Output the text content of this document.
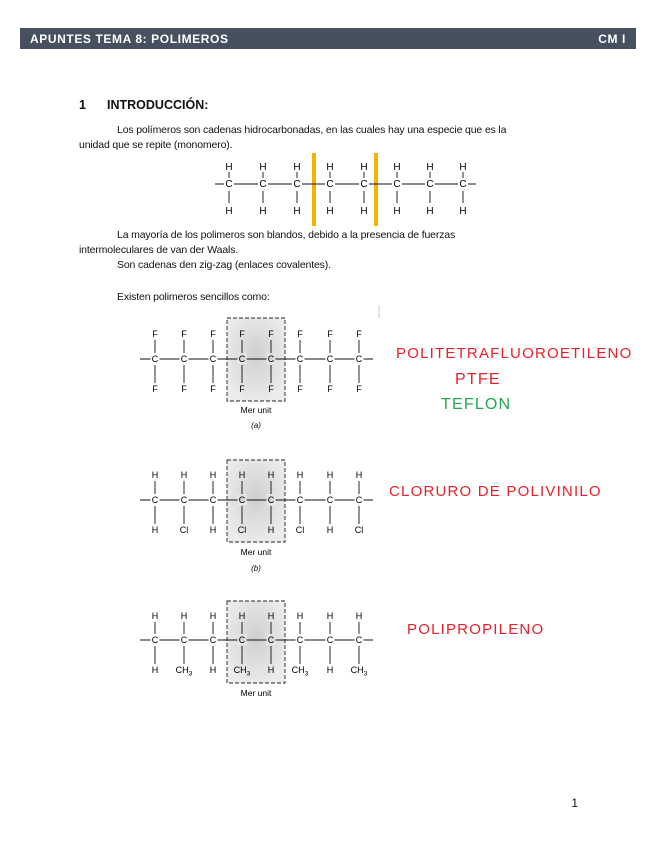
APUNTES TEMA 8: POLIMEROS	CM I
1 INTRODUCCIÓN:

Los polímeros son cadenas hidrocarbonadas, en las cuales hay una especie que es la
unidad que se repite (monomero).

La mayoría de los polimeros son blandos, debido a la presencia de fuerzas
intermoleculares de van der Waals.

Son cadenas den zig-zag (enlaces covalentes).

Existen polimeros sencillos como:

C
H
H
C
H
H
C
H
H
C
H
H
C
H
H
C
H
H
C
H
H
C
H
H
C
F
F
C
F
F
C
F
F
C
F
F
C
F
F
C
F
F
C
F
F
C
F
F
Mer unit
(a)
C
H
H
C
H
Cl
C
H
H
C
H
Cl
C
H
H
C
H
Cl
C
H
H
C
H
Cl
Mer unit
(b)
C
H
H
C
H
$CH_3$
C
H
H
C
H
$CH_3$
C
H
H
C
H
$CH_3$
C
H
H
C
H
$CH_3$
Mer unit
POLITETRAFLUOROETILENO
PTFE
TEFLON
CLORURO DE POLIVINILO
POLIPROPILENO
1
